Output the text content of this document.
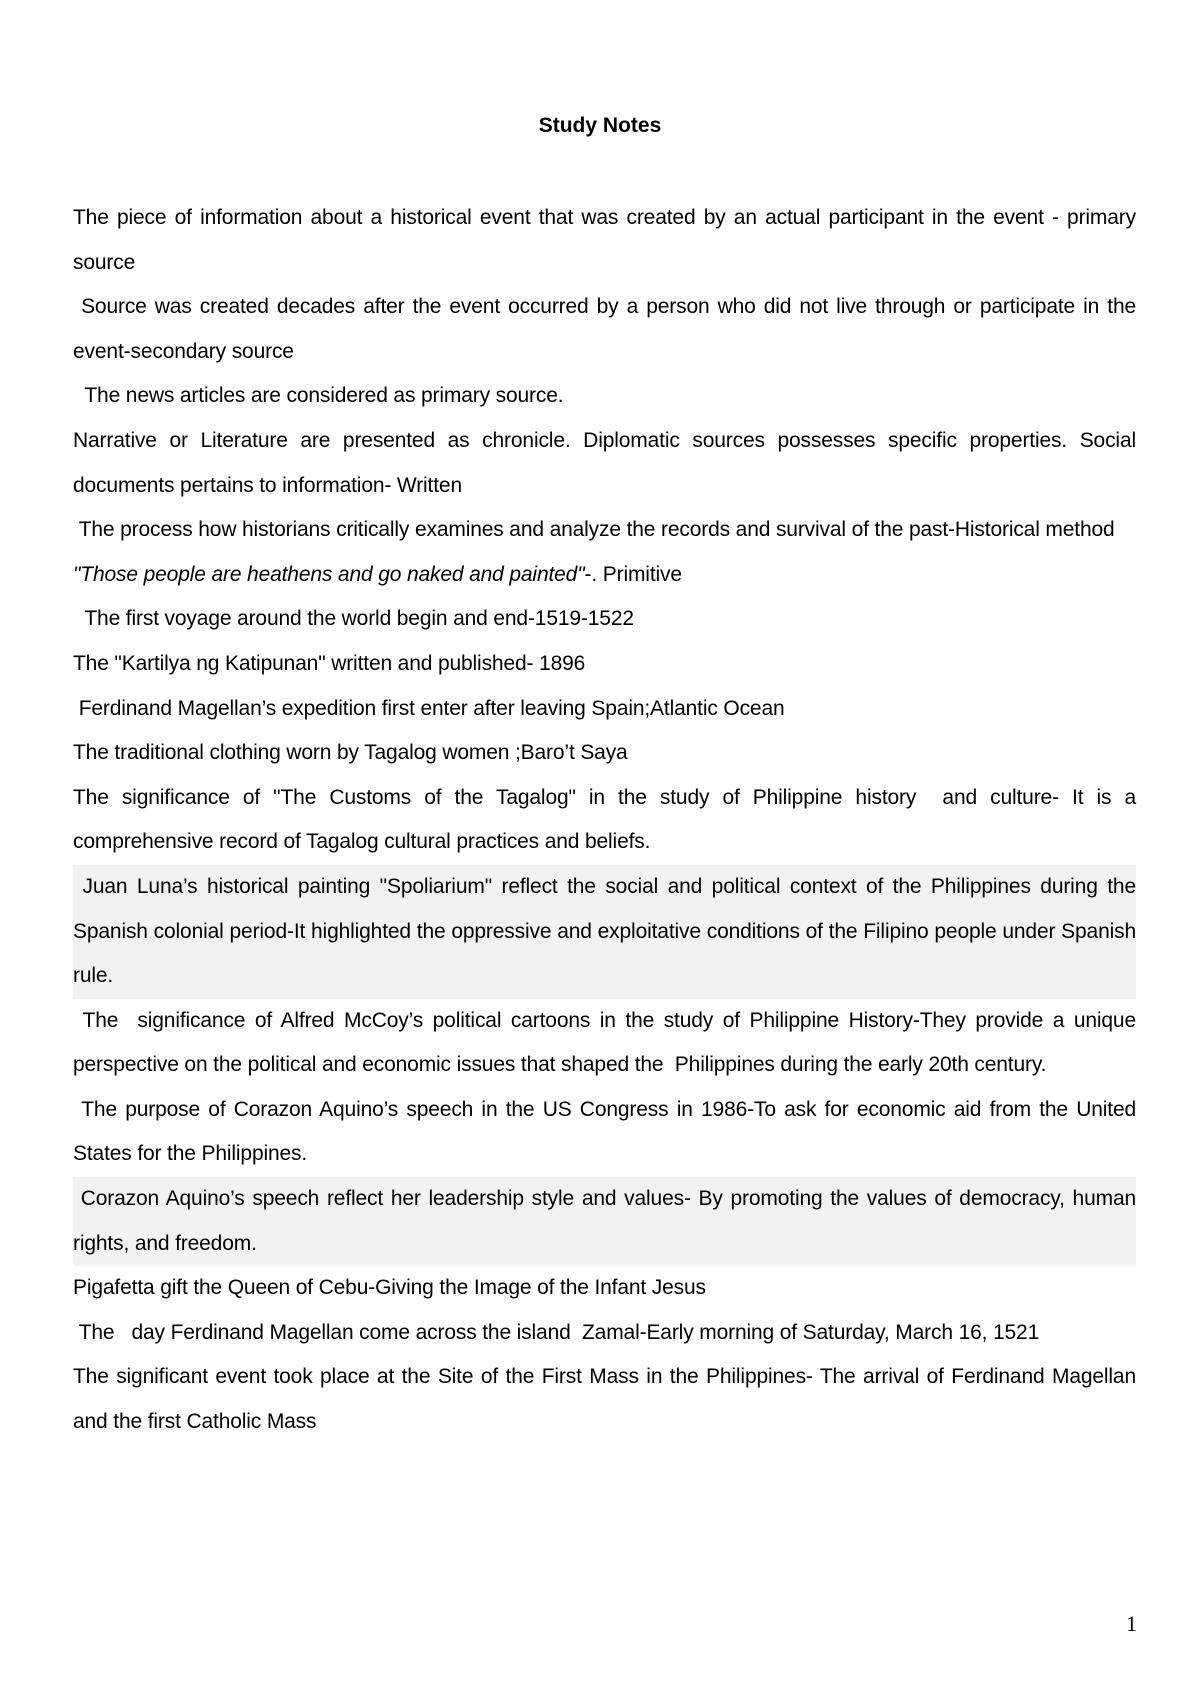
Study Notes

The piece of information about a historical event that was created by an actual participant in the event - primary source

Source was created decades after the event occurred by a person who did not live through or participate in the event-secondary source

The news articles are considered as primary source.

Narrative or Literature are presented as chronicle. Diplomatic sources possesses specific properties. Social documents pertains to information- Written

The process how historians critically examines and analyze the records and survival of the past-Historical method

"Those people are heathens and go naked and painted"-. Primitive

The first voyage around the world begin and end-1519-1522

The "Kartilya ng Katipunan" written and published- 1896

Ferdinand Magellan’s expedition first enter after leaving Spain;Atlantic Ocean

The traditional clothing worn by Tagalog women ;Baro’t Saya

The significance of "The Customs of the Tagalog" in the study of Philippine history  and culture- It is a comprehensive record of Tagalog cultural practices and beliefs.

Juan Luna’s historical painting "Spoliarium" reflect the social and political context of the Philippines during the Spanish colonial period-It highlighted the oppressive and exploitative conditions of the Filipino people under Spanish rule.

The  significance of Alfred McCoy’s political cartoons in the study of Philippine History-They provide a unique perspective on the political and economic issues that shaped the  Philippines during the early 20th century.

The purpose of Corazon Aquino’s speech in the US Congress in 1986-To ask for economic aid from the United States for the Philippines.

Corazon Aquino’s speech reflect her leadership style and values- By promoting the values of democracy, human rights, and freedom.

Pigafetta gift the Queen of Cebu-Giving the Image of the Infant Jesus

The   day Ferdinand Magellan come across the island  Zamal-Early morning of Saturday, March 16, 1521

The significant event took place at the Site of the First Mass in the Philippines- The arrival of Ferdinand Magellan and the first Catholic Mass

1
